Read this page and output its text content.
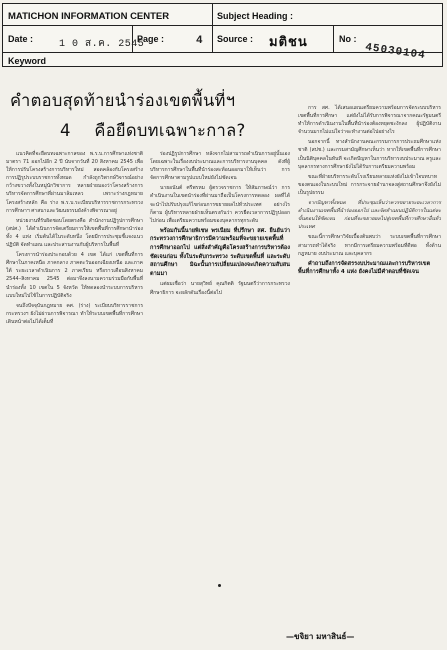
MATICHON INFORMATION CENTER	Subject Heading :
Date :	1 0 ส.ค. 2545
Page :	4 Source : มติชน	No :
45030104
Keyword
คำตอบสุดท้ายนำร่องเขตพื้นที่ฯ
4 คือยืดบทเฉพาะกาล?

แนวคิดที่จะยืดบทเฉพาะกาลของ พ.ร.บ.การศึกษาแห่งชาติ มาตรา 71 ออกไปอีก 2 ปี นับจากวันที่ 20 สิงหาคม 2545 เพื่อให้การปรับโครงสร้างการบริหารใหม่ สอดคล้องกับโครงสร้างการปฏิรูประบบราชการทั้งหมด กำลังถูกวิพากษ์วิจารณ์อย่างกว้างขวางทั้งในหมู่นักวิชาการ หลายฝ่ายมองว่าโครงสร้างการบริหารจัดการศึกษาที่ผ่านมาล้มเหลว เพราะร่างกฎหมายโครงสร้างหลัก คือ ร่าง พ.ร.บ.ระเบียบบริหารราชการกระทรวงการศึกษาฯ ศาสนาและวัฒนธรรมยังค้างพิจารณาอยู่

หน่วยงานที่รับผิดชอบโดยตรงคือ สำนักงานปฏิรูปการศึกษา (สปศ.) ได้ดำเนินการจัดเตรียมการให้เขตพื้นที่การศึกษานำร่องทั้ง 4 แห่ง เริ่มต้นได้ในระดับหนึ่ง โดยมีการประชุมชี้แจงแนวปฏิบัติ จัดทำแผน และประสานงานกับผู้บริหารในพื้นที่

โครงการนำร่องประกอบด้วย 4 เขต ได้แก่ เขตพื้นที่การศึกษาในภาคเหนือ ภาคกลาง ภาคตะวันออกเฉียงเหนือ และภาคใต้ ระยะเวลาดำเนินการ 2 ภาคเรียน หรือราวเดือนสิงหาคม 2544–สิงหาคม 2545 ต่อมาจึงลงนามความร่วมมือกับพื้นที่นำร่องทั้ง 10 เขตใน 5 จังหวัด ให้ทดลองนำระบบการบริหารแบบใหม่ไปใช้ในการปฏิบัติจริง

จนถึงปัจจุบันกฎหมาย คศ. (ร่าง) ระเบียบบริหารราชการกระทรวงฯ ยังไม่ผ่านการพิจารณา ทำให้ระบบเขตพื้นที่การศึกษาเดินหน้าต่อไม่ได้เต็มที่

ร่องปฏิรูปการศึกษา หลังจากไม่สามารถดำเนินการอยู่นั้นเอง โดยเฉพาะในเรื่องงบประมาณและการบริหารงานบุคคล ดังที่ผู้บริหารการศึกษาในพื้นที่นำร่องสะท้อนออกมาให้เห็นว่า การจัดการศึกษาตามรูปแบบใหม่ยังไม่ชัดเจน

นายอนันต์ ศรีพรหม ผู้ตรวจราชการ ให้สัมภาษณ์ว่า การดำเนินงานในเขตนำร่องที่ผ่านมาถือเป็นโครงการทดลอง ผลที่ได้จะนำไปปรับปรุงแก้ไขก่อนการขยายผลไปทั่วประเทศ อย่างไรก็ตาม ผู้บริหารหลายฝ่ายเห็นตรงกันว่า ควรยืดเวลาการปฏิรูปออกไปก่อน เพื่อเตรียมความพร้อมของบุคลากรทุกระดับ

พร้อมกันนี้นายพิเชษ พรเนียม ที่ปรึกษา สศ. ยืนยันว่ากระทรวงการศึกษาธิการมีความพร้อมที่จะขยายเขตพื้นที่การศึกษาออกไป แต่สิ่งสำคัญคือโครงสร้างการบริหารต้องชัดเจนก่อน ทั้งในระดับกระทรวง ระดับเขตพื้นที่ และระดับสถานศึกษา มิฉะนั้นการเปลี่ยนแปลงจะเกิดความสับสนตามมา

แต่ผมเชื่อว่า นายสุวิทย์ คุณกิตติ รัฐมนตรีว่าการกระทรวงศึกษาธิการ จะผลักดันเรื่องนี้ต่อไป

การ สศ. ได้เสนอแผนเตรียมความพร้อมการจัดระบบบริหารเขตพื้นที่การศึกษา แต่ยังไม่ได้รับการพิจารณาจากคณะรัฐมนตรี ทำให้การดำเนินงานในพื้นที่นำร่องต้องหยุดชะงักลง ผู้ปฏิบัติงานจำนวนมากไม่แน่ใจว่าจะทำงานต่อไปอย่างไร

นอกจากนี้ ทางสำนักงานคณะกรรมการการประถมศึกษาแห่งชาติ (สปช.) และกรมสามัญศึกษาเห็นว่า หากให้เขตพื้นที่การศึกษาเป็นนิติบุคคลในทันที จะเกิดปัญหาในการบริหารงบประมาณ ครูและบุคลากรทางการศึกษายังไม่ได้รับการเตรียมความพร้อม

ขณะที่ฝ่ายบริหารระดับโรงเรียนหลายแห่งยังไม่เข้าใจบทบาทของตนเองในระบบใหม่ การกระจายอำนาจลงสู่สถานศึกษาจึงยังไม่เป็นรูปธรรม

จากปัญหาทั้งหมด ที่ประชุมเห็นว่าควรขยายระยะเวลาการดำเนินงานเขตพื้นที่นำร่องออกไป และจัดทำแผนปฏิบัติการในแต่ละขั้นตอนให้ชัดเจน ก่อนที่จะขยายผลไปสู่เขตพื้นที่การศึกษาอื่นทั่วประเทศ

ขณะนี้การศึกษาวิจัยเบื้องต้นพบว่า ระบบเขตพื้นที่การศึกษาสามารถทำได้จริง หากมีการเตรียมความพร้อมที่ดีพอ ทั้งด้านกฎหมาย งบประมาณ และบุคลากร

คำถามถึงการจัดสรรงบประมาณและการบริหารเขตพื้นที่การศึกษาทั้ง 4 แห่ง ยังคงไม่มีคำตอบที่ชัดเจน

—ขจิยา มหาสินธ์—
